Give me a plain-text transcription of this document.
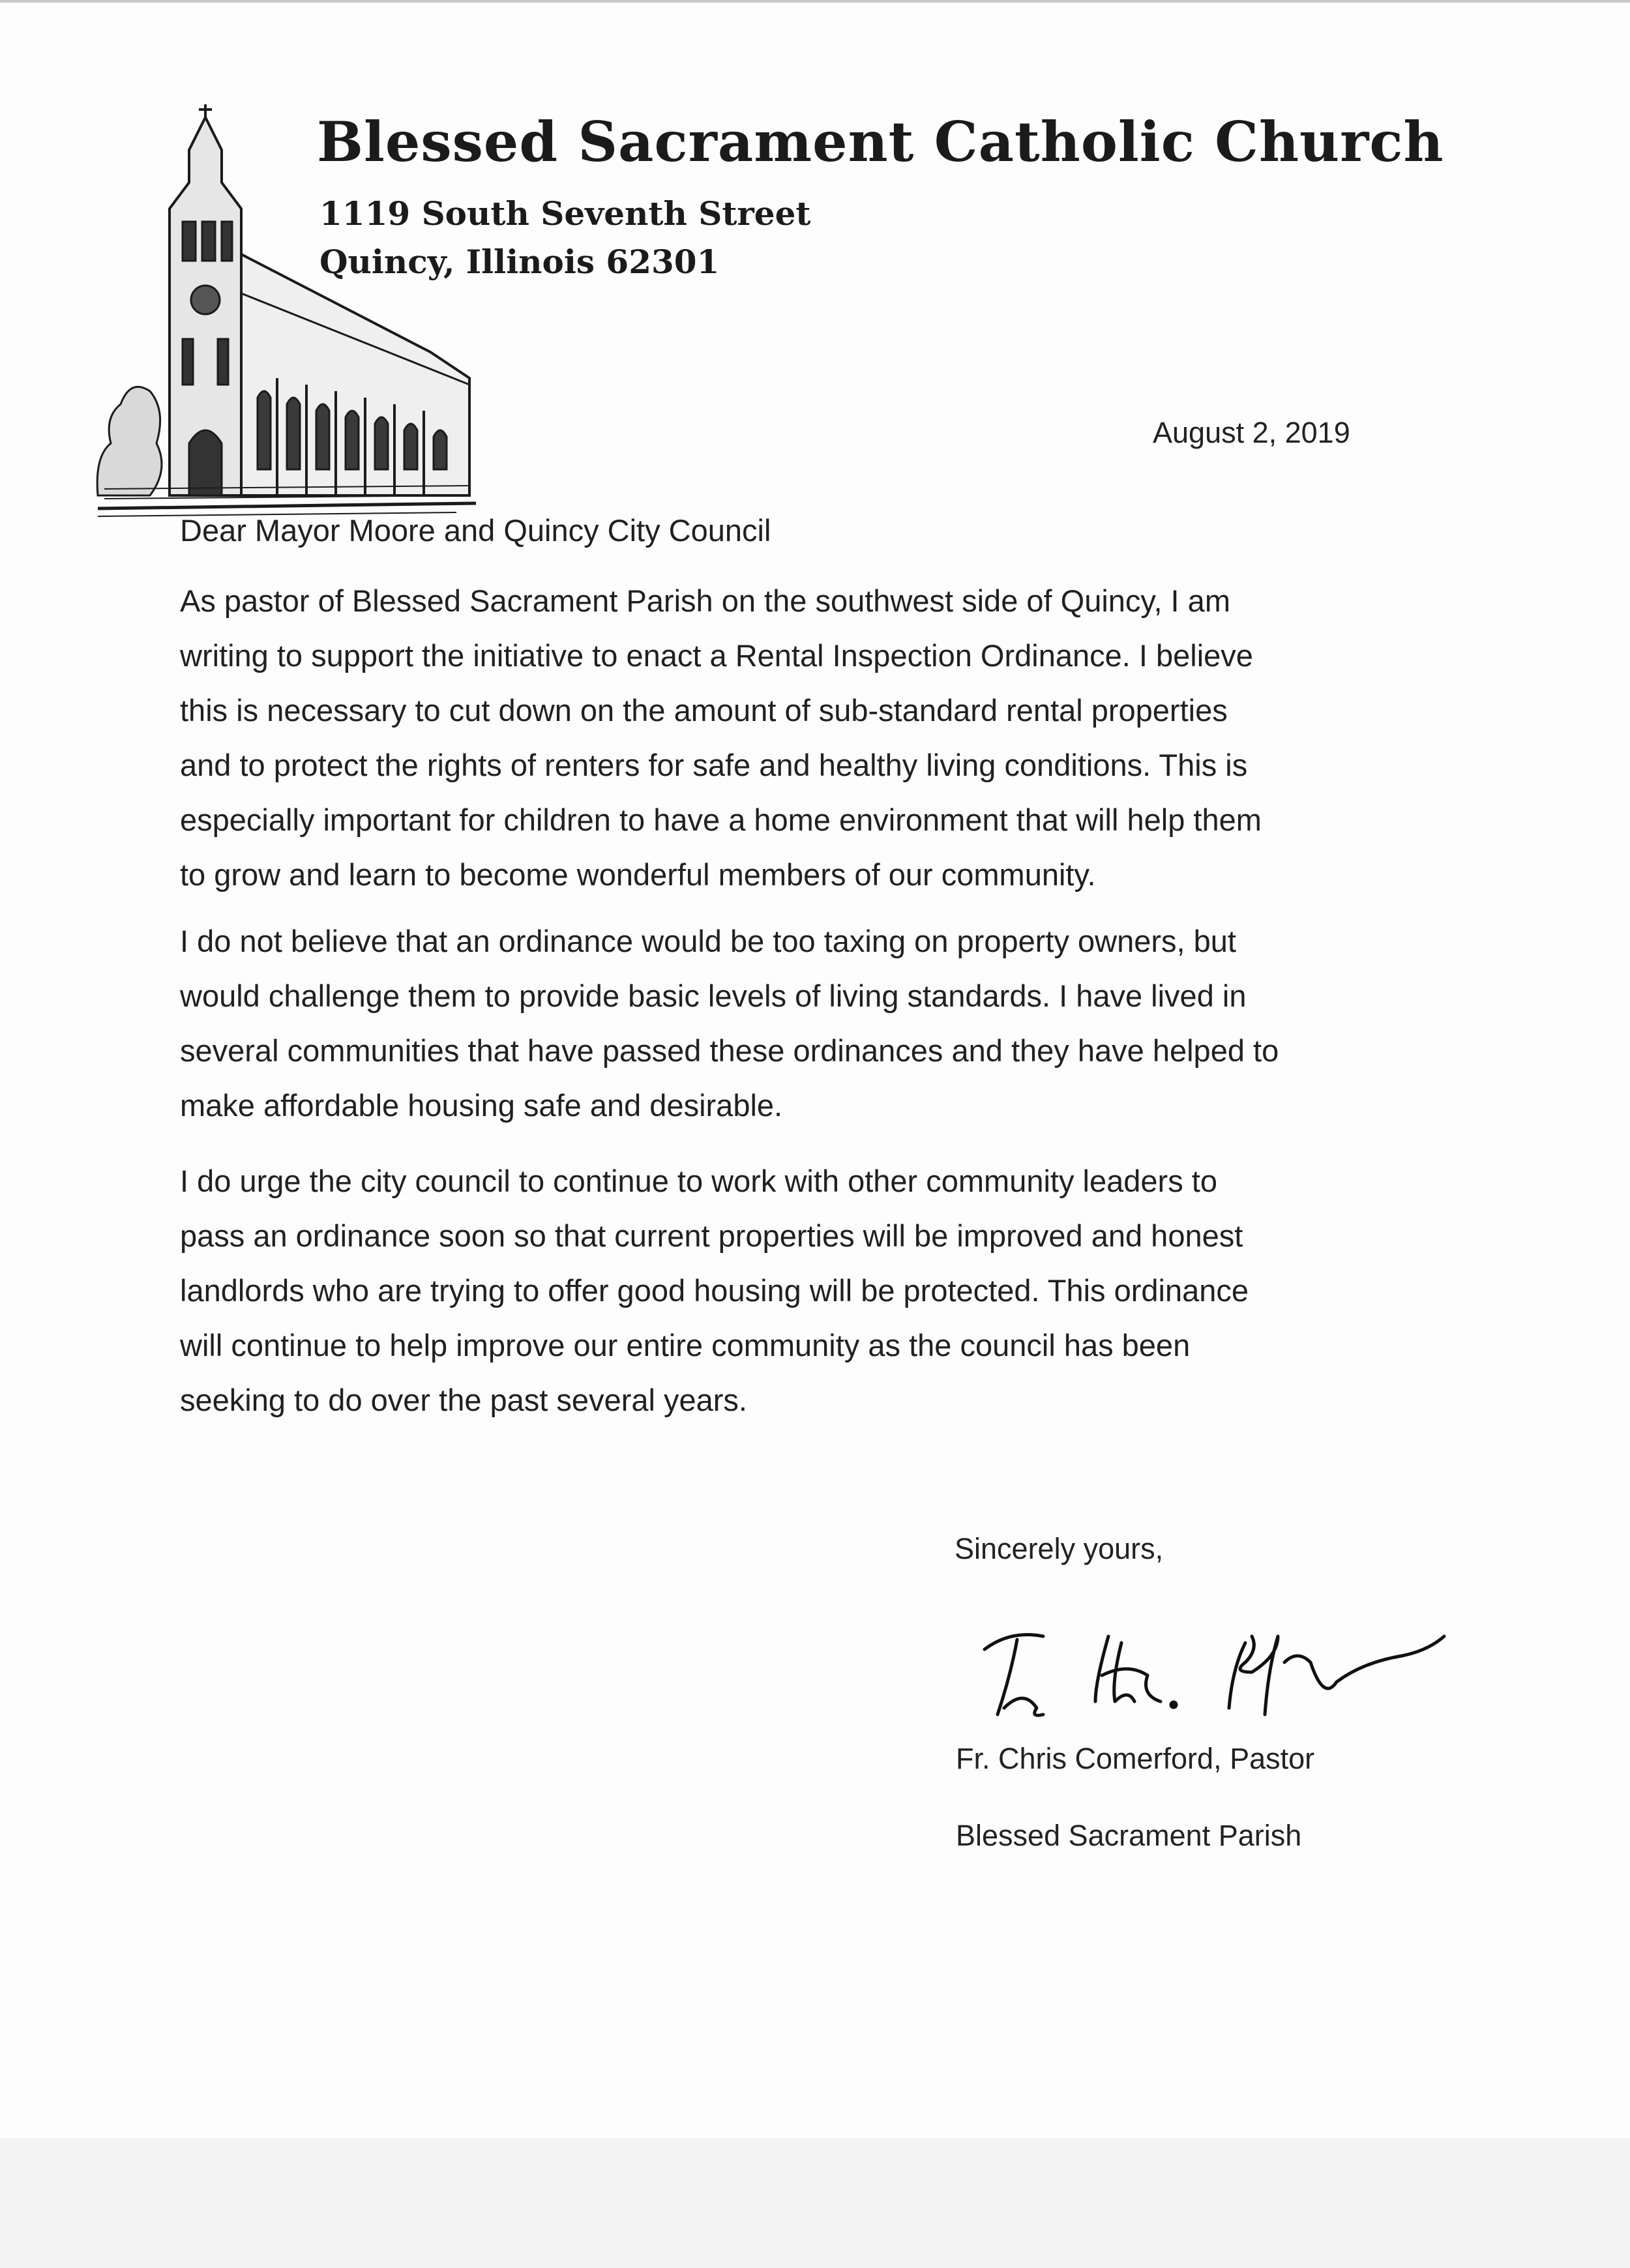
Blessed Sacrament Catholic Church
1119 South Seventh Street
Quincy, Illinois 62301
August 2, 2019
Dear Mayor Moore and Quincy City Council
As pastor of Blessed Sacrament Parish on the southwest side of Quincy, I am
writing to support the initiative to enact a Rental Inspection Ordinance. I believe
this is necessary to cut down on the amount of sub-standard rental properties
and to protect the rights of renters for safe and healthy living conditions. This is
especially important for children to have a home environment that will help them
to grow and learn to become wonderful members of our community.
I do not believe that an ordinance would be too taxing on property owners, but
would challenge them to provide basic levels of living standards. I have lived in
several communities that have passed these ordinances and they have helped to
make affordable housing safe and desirable.
I do urge the city council to continue to work with other community leaders to
pass an ordinance soon so that current properties will be improved and honest
landlords who are trying to offer good housing will be protected. This ordinance
will continue to help improve our entire community as the council has been
seeking to do over the past several years.
Sincerely yours,
Fr. Chris Comerford, Pastor
Blessed Sacrament Parish
